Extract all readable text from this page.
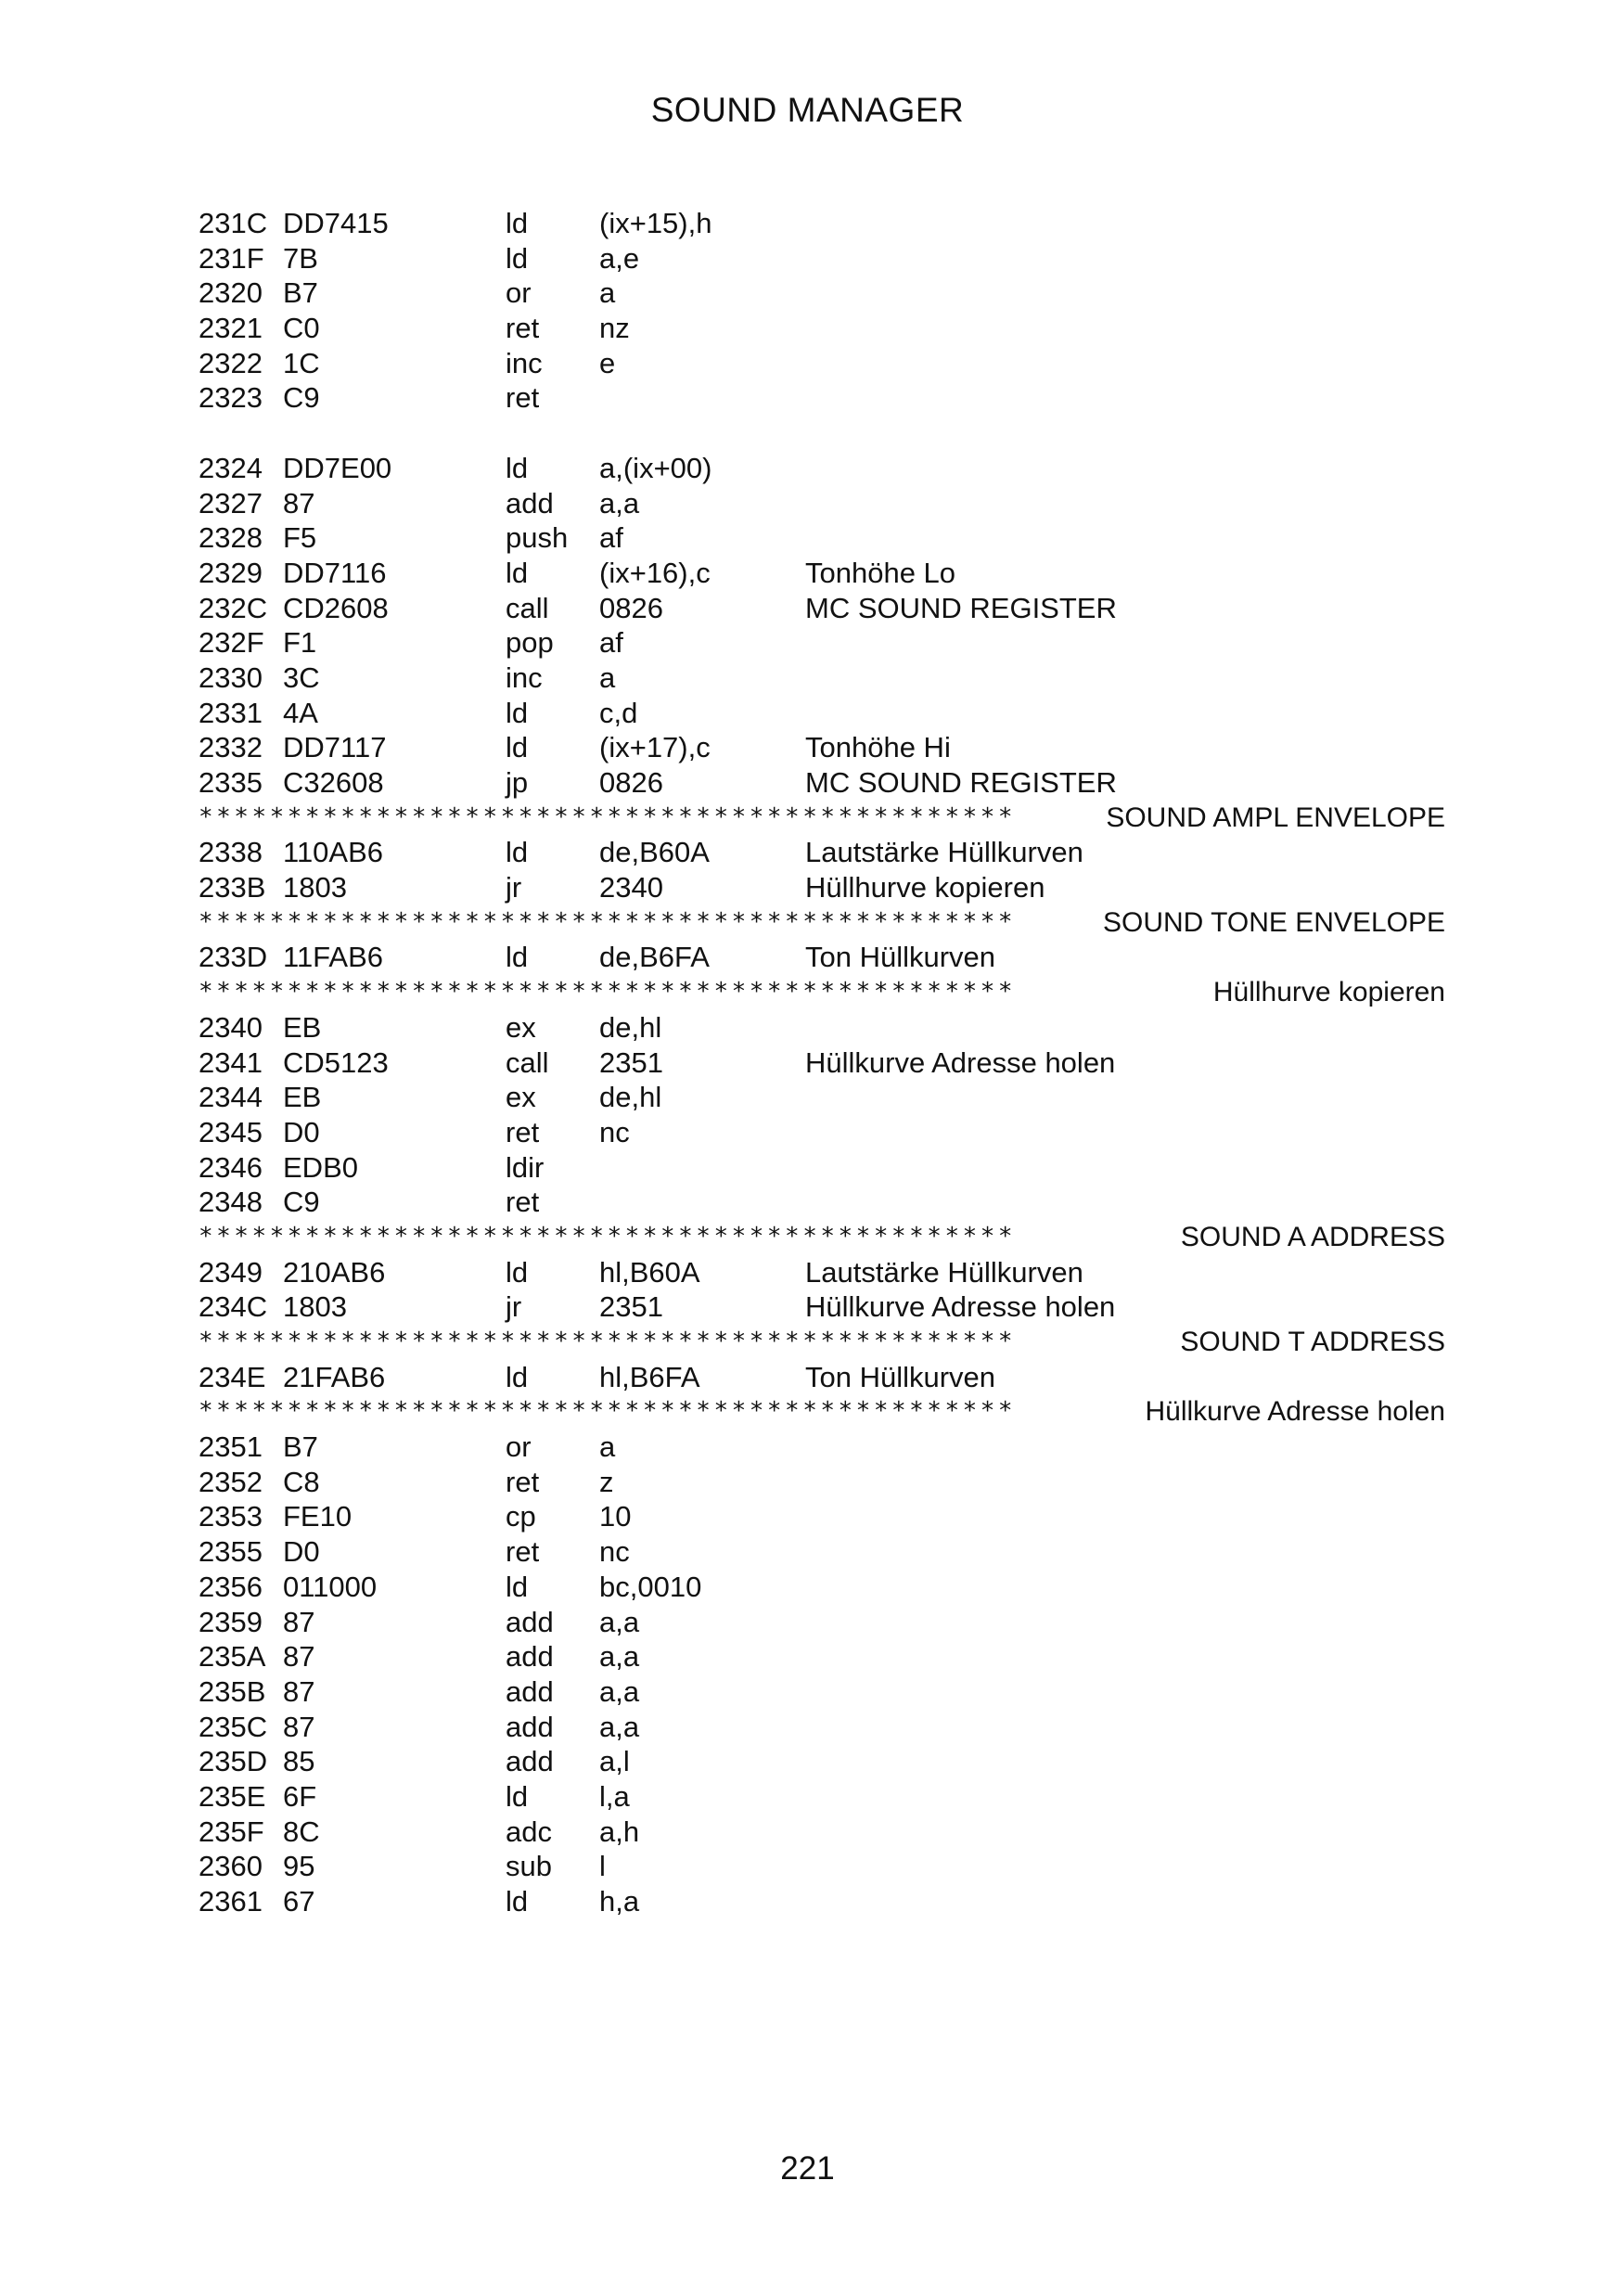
SOUND MANAGER
231C DD7415	ld (ix+15),h
231F 7B	ld a,e
2320 B7	or a
2321 C0	ret nz
2322 1C	inc e
2323 C9	ret
2324 DD7E00	ld a,(ix+00)
2327 87	add a,a
2328 F5	push af
2329 DD7116	ld (ix+16),c	Tonhöhe Lo
232C CD2608	call 0826	MC SOUND REGISTER
232F F1	pop af
2330 3C	inc a
2331 4A	ld c,d
2332 DD7117	ld (ix+17),c	Tonhöhe Hi
2335 C32608	jp 0826	MC SOUND REGISTER
**********************************************	SOUND AMPL ENVELOPE
2338 110AB6	ld de,B60A	Lautstärke Hüllkurven
233B 1803	jr	2340	Hüllhurve kopieren
**********************************************	SOUND TONE ENVELOPE
233D 11FAB6	ld de,B6FA	Ton Hüllkurven
**********************************************	Hüllhurve kopieren
2340 EB	ex de,hl
2341 CD5123	call 2351	Hüllkurve Adresse holen
2344 EB	ex de,hl
2345 D0	ret nc
2346 EDB0	ldir
2348 C9	ret
**********************************************	SOUND A ADDRESS
2349 210AB6	ld hl,B60A	Lautstärke Hüllkurven
234C 1803	jr	2351	Hüllkurve Adresse holen
**********************************************	SOUND T ADDRESS
234E 21FAB6	ld hl,B6FA	Ton Hüllkurven
**********************************************	Hüllkurve Adresse holen
2351 B7	or a
2352 C8	ret z
2353 FE10	cp 10
2355 D0	ret nc
2356 011000	ld bc,0010
2359 87	add a,a
235A 87	add a,a
235B 87	add a,a
235C 87	add a,a
235D 85	add a,l
235E 6F	ld l,a
235F 8C	adc a,h
2360 95	sub l
2361 67	ld h,a
221
